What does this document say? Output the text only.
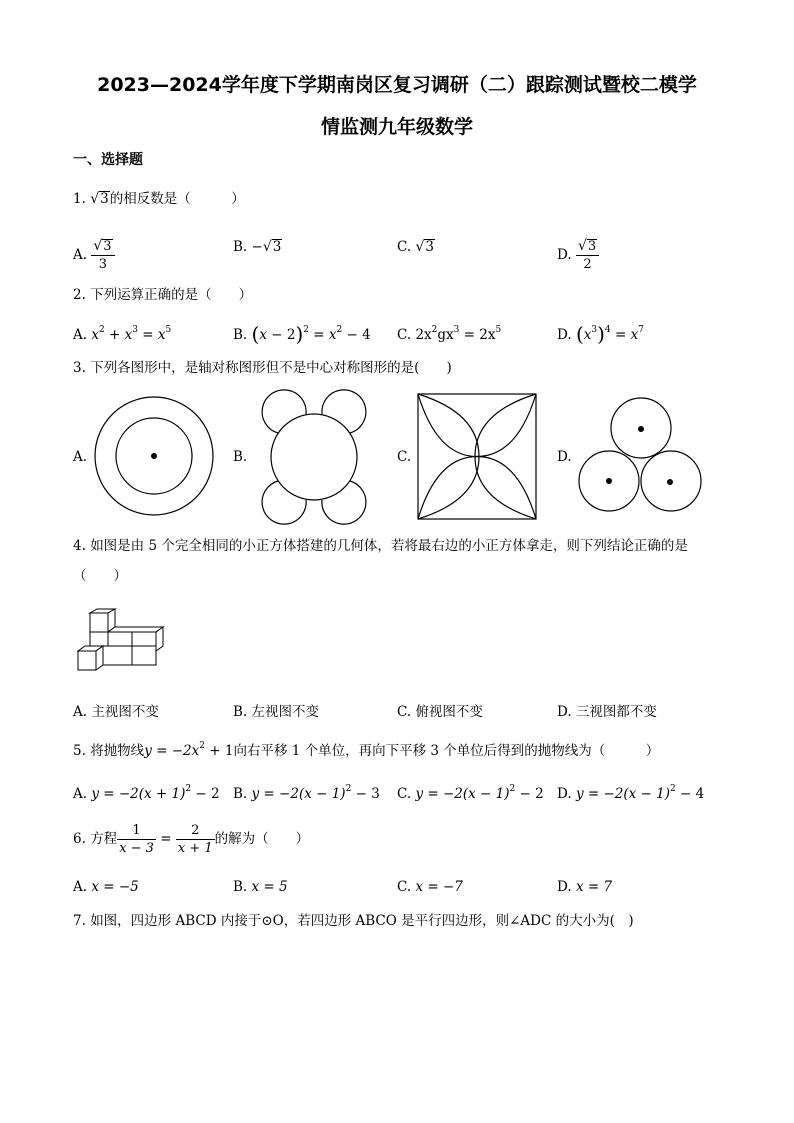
2023—2024学年度下学期南岗区复习调研（二）跟踪测试暨校二模学
情监测九年级数学
一、选择题
1. √3的相反数是（　　　）
A. $\frac{√3}{3}$	B. −√3	C. √3	D. $\frac{√3}{2}$
2. 下列运算正确的是（　　）
A. $x^2 + x^3 = x^5$	B. $(x - 2)^2 = x^2 - 4$ C. $2x^2gx^3 = 2x^5$	D. $(x^3)^4 = x^7$
3. 下列各图形中，是轴对称图形但不是中心对称图形的是(　　)
A.	B.	C.	D.
4. 如图是由 5 个完全相同的小正方体搭建的几何体，若将最右边的小正方体拿走，则下列结论正确的是
（　　）
A. 主视图不变	B. 左视图不变	C. 俯视图不变	D. 三视图都不变
5. 将抛物线$y = -2x^2 + 1$向右平移 1 个单位，再向下平移 3 个单位后得到的抛物线为（　　　）
A. $y = -2(x + 1)^2 - 2$ B. $y = -2(x - 1)^2 - 3$ C. $y = -2(x - 1)^2 - 2$ D. $y = -2(x - 1)^2 - 4$
6. 方程 $\frac{1}{x - 3} = \frac{2}{x + 1}$ 的解为（　　）
A. x = −5	B. x = 5	C. x = −7	D. x = 7
7. 如图，四边形 ABCD 内接于⊙O，若四边形 ABCO 是平行四边形，则∠ADC 的大小为(　)
